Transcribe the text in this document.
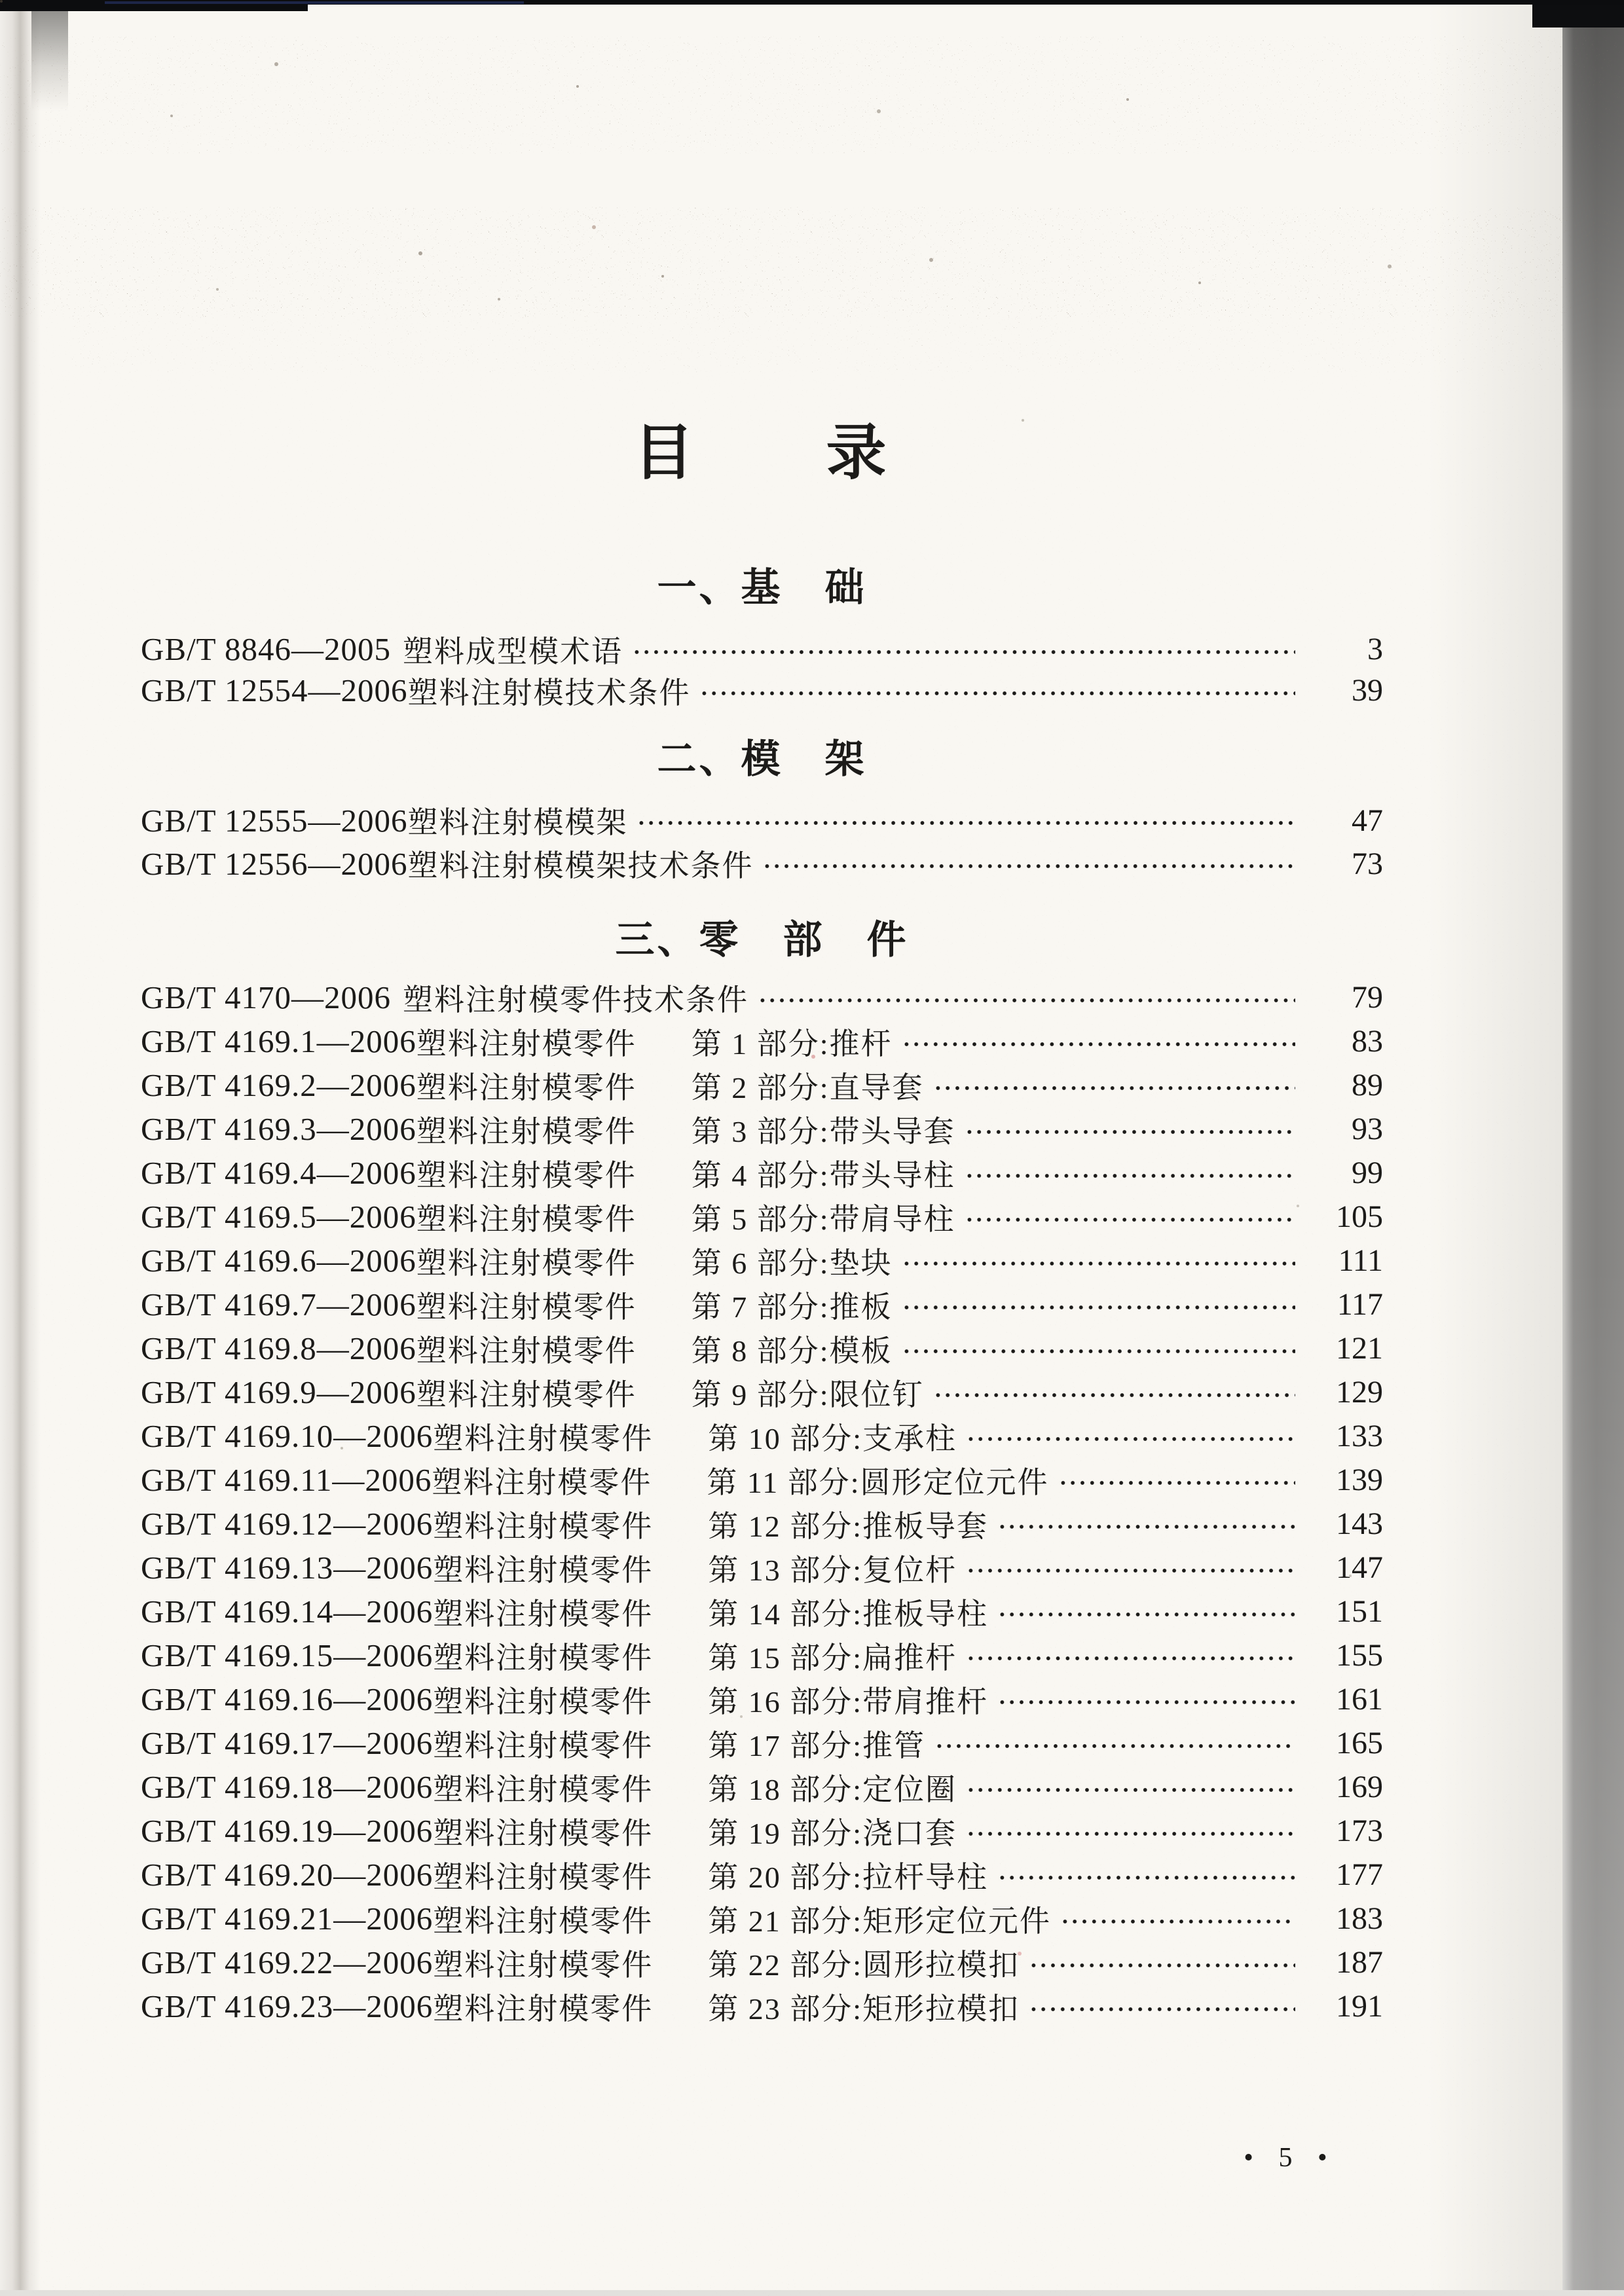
目　　录
一、基　础
GB/T 8846—2005 塑料成型模术语	3
GB/T 12554—2006 塑料注射模技术条件	39
二、模　架
GB/T 12555—2006 塑料注射模模架	47
GB/T 12556—2006 塑料注射模模架技术条件	73
三、零　部　件
GB/T 4170—2006 塑料注射模零件技术条件	79
GB/T 4169.1—2006 塑料注射模零件	第 1 部分:推杆	83
GB/T 4169.2—2006 塑料注射模零件	第 2 部分:直导套	89
GB/T 4169.3—2006 塑料注射模零件	第 3 部分:带头导套	93
GB/T 4169.4—2006 塑料注射模零件	第 4 部分:带头导柱	99
GB/T 4169.5—2006 塑料注射模零件	第 5 部分:带肩导柱	105
GB/T 4169.6—2006 塑料注射模零件	第 6 部分:垫块	111
GB/T 4169.7—2006 塑料注射模零件	第 7 部分:推板	117
GB/T 4169.8—2006 塑料注射模零件	第 8 部分:模板	121
GB/T 4169.9—2006 塑料注射模零件	第 9 部分:限位钉	129
GB/T 4169.10—2006 塑料注射模零件	第 10 部分:支承柱	133
GB/T 4169.11—2006 塑料注射模零件	第 11 部分:圆形定位元件	139
GB/T 4169.12—2006 塑料注射模零件	第 12 部分:推板导套	143
GB/T 4169.13—2006 塑料注射模零件	第 13 部分:复位杆	147
GB/T 4169.14—2006 塑料注射模零件	第 14 部分:推板导柱	151
GB/T 4169.15—2006 塑料注射模零件	第 15 部分:扁推杆	155
GB/T 4169.16—2006 塑料注射模零件	第 16 部分:带肩推杆	161
GB/T 4169.17—2006 塑料注射模零件	第 17 部分:推管	165
GB/T 4169.18—2006 塑料注射模零件	第 18 部分:定位圈	169
GB/T 4169.19—2006 塑料注射模零件	第 19 部分:浇口套	173
GB/T 4169.20—2006 塑料注射模零件	第 20 部分:拉杆导柱	177
GB/T 4169.21—2006 塑料注射模零件	第 21 部分:矩形定位元件	183
GB/T 4169.22—2006 塑料注射模零件	第 22 部分:圆形拉模扣	187
GB/T 4169.23—2006 塑料注射模零件	第 23 部分:矩形拉模扣	191
• 5 •
